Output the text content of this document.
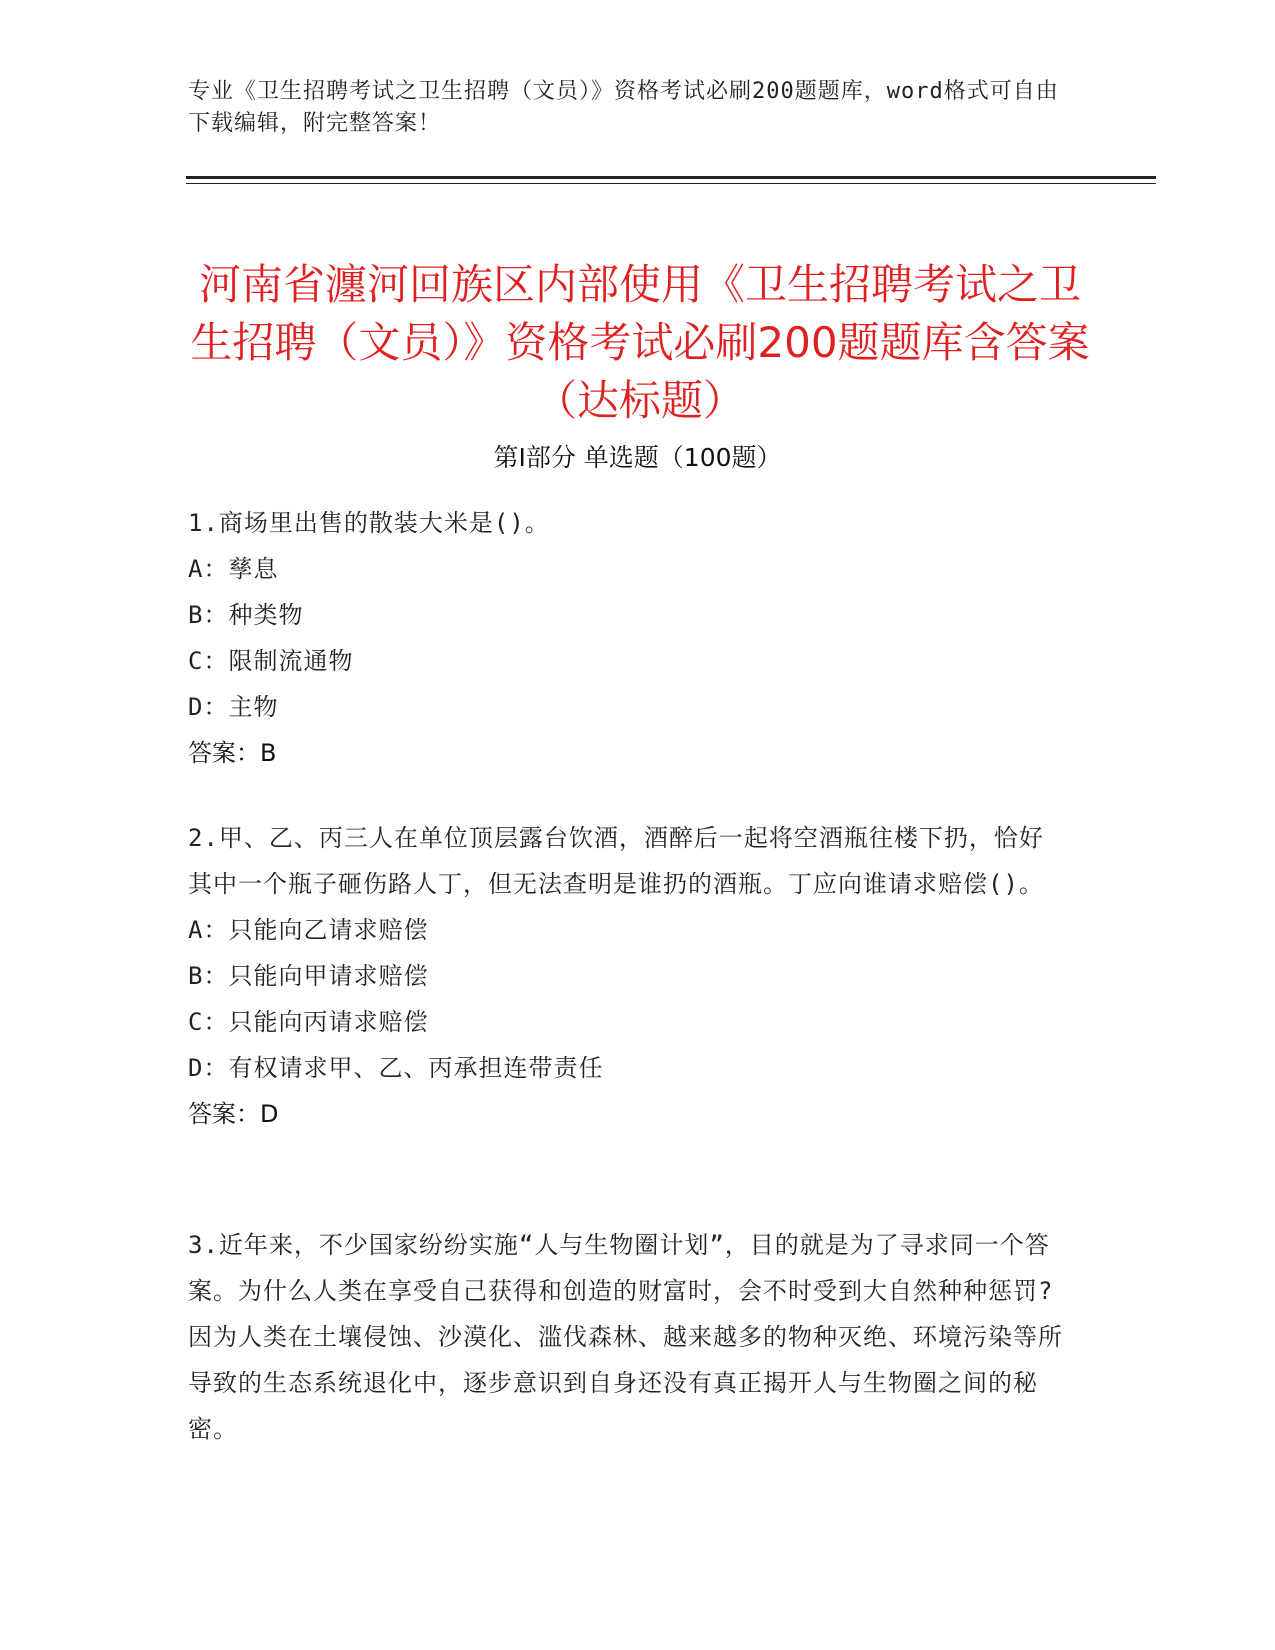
专业《卫生招聘考试之卫生招聘（文员）》资格考试必刷200题题库，word格式可自由下载编辑，附完整答案！
河南省瀍河回族区内部使用《卫生招聘考试之卫生招聘（文员）》资格考试必刷200题题库含答案（达标题）
第Ⅰ部分 单选题（100题）

1.商场里出售的散装大米是()。

A：孳息

B：种类物

C：限制流通物

D：主物

答案：B

2.甲、乙、丙三人在单位顶层露台饮酒，酒醉后一起将空酒瓶往楼下扔，恰好其中一个瓶子砸伤路人丁，但无法查明是谁扔的酒瓶。丁应向谁请求赔偿()。

A：只能向乙请求赔偿

B：只能向甲请求赔偿

C：只能向丙请求赔偿

D：有权请求甲、乙、丙承担连带责任

答案：D

3.近年来，不少国家纷纷实施“人与生物圈计划”，目的就是为了寻求同一个答案。为什么人类在享受自己获得和创造的财富时，会不时受到大自然种种惩罚?因为人类在土壤侵蚀、沙漠化、滥伐森林、越来越多的物种灭绝、环境污染等所导致的生态系统退化中，逐步意识到自身还没有真正揭开人与生物圈之间的秘密。
